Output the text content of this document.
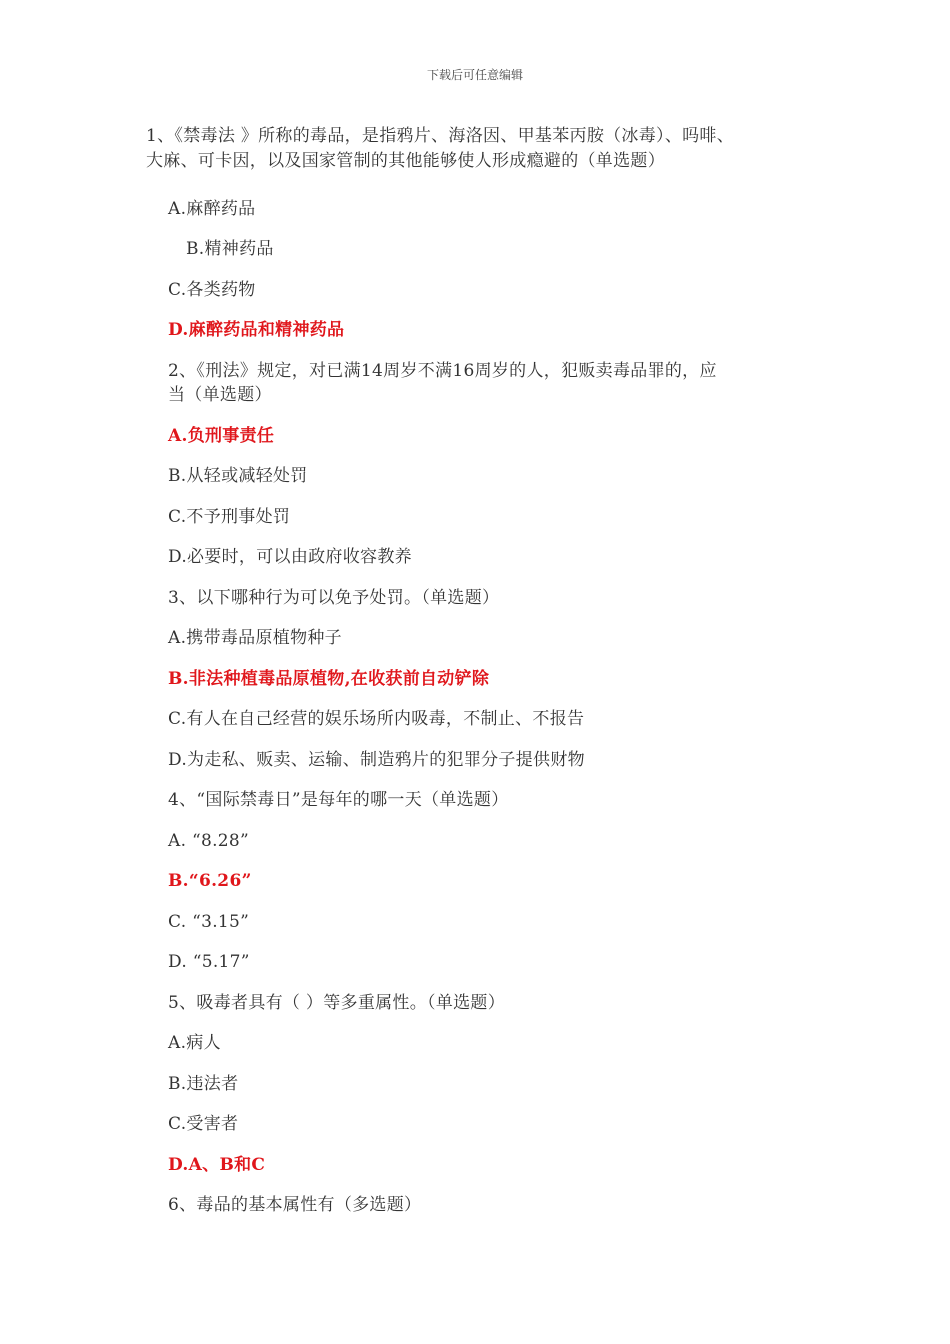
下载后可任意编辑
1、《禁毒法 》所称的毒品，是指鸦片、海洛因、甲基苯丙胺（冰毒）、吗啡、
大麻、可卡因，以及国家管制的其他能够使人形成瘾避的（单选题）
A.麻醉药品
B.精神药品
C.各类药物
D.麻醉药品和精神药品
2、《刑法》规定，对已满14周岁不满16周岁的人，犯贩卖毒品罪的，应
当（单选题）
A.负刑事责任
B.从轻或减轻处罚
C.不予刑事处罚
D.必要时，可以由政府收容教养
3、以下哪种行为可以免予处罚。（单选题）
A.携带毒品原植物种子
B.非法种植毒品原植物,在收获前自动铲除
C.有人在自己经营的娱乐场所内吸毒，不制止、不报告
D.为走私、贩卖、运输、制造鸦片的犯罪分子提供财物
4、“国际禁毒日”是每年的哪一天（单选题）
A. “8.28”
B.“6.26”
C. “3.15”
D. “5.17”
5、吸毒者具有（ ）等多重属性。（单选题）
A.病人
B.违法者
C.受害者
D.A、B和C
6、毒品的基本属性有（多选题）
